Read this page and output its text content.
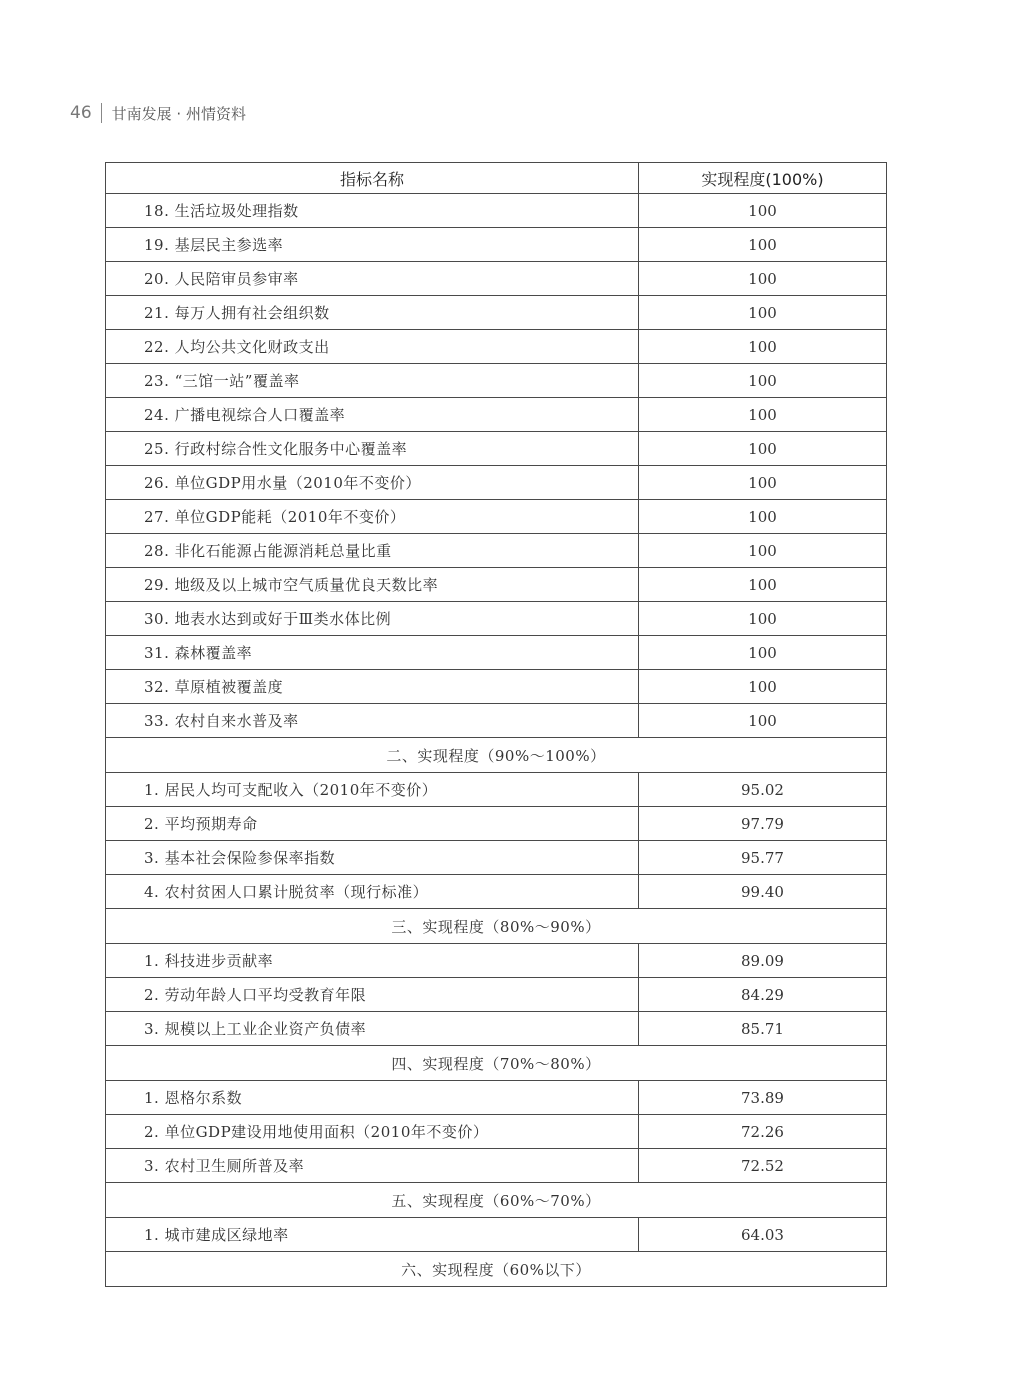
46 甘南发展 · 州情资料
指标名称	实现程度(100%)
18. 生活垃圾处理指数	100
19. 基层民主参选率	100
20. 人民陪审员参审率	100
21. 每万人拥有社会组织数	100
22. 人均公共文化财政支出	100
23. “三馆一站”覆盖率	100
24. 广播电视综合人口覆盖率	100
25. 行政村综合性文化服务中心覆盖率	100
26. 单位GDP用水量（2010年不变价）	100
27. 单位GDP能耗（2010年不变价）	100
28. 非化石能源占能源消耗总量比重	100
29. 地级及以上城市空气质量优良天数比率	100
30. 地表水达到或好于Ⅲ类水体比例	100
31. 森林覆盖率	100
32. 草原植被覆盖度	100
33. 农村自来水普及率	100
二、实现程度（90%～100%）	
1. 居民人均可支配收入（2010年不变价）	95.02
2. 平均预期寿命	97.79
3. 基本社会保险参保率指数	95.77
4. 农村贫困人口累计脱贫率（现行标准）	99.40
三、实现程度（80%～90%）	
1. 科技进步贡献率	89.09
2. 劳动年龄人口平均受教育年限	84.29
3. 规模以上工业企业资产负债率	85.71
四、实现程度（70%～80%）	
1. 恩格尔系数	73.89
2. 单位GDP建设用地使用面积（2010年不变价）	72.26
3. 农村卫生厕所普及率	72.52
五、实现程度（60%～70%）	
1. 城市建成区绿地率	64.03
六、实现程度（60%以下）	
